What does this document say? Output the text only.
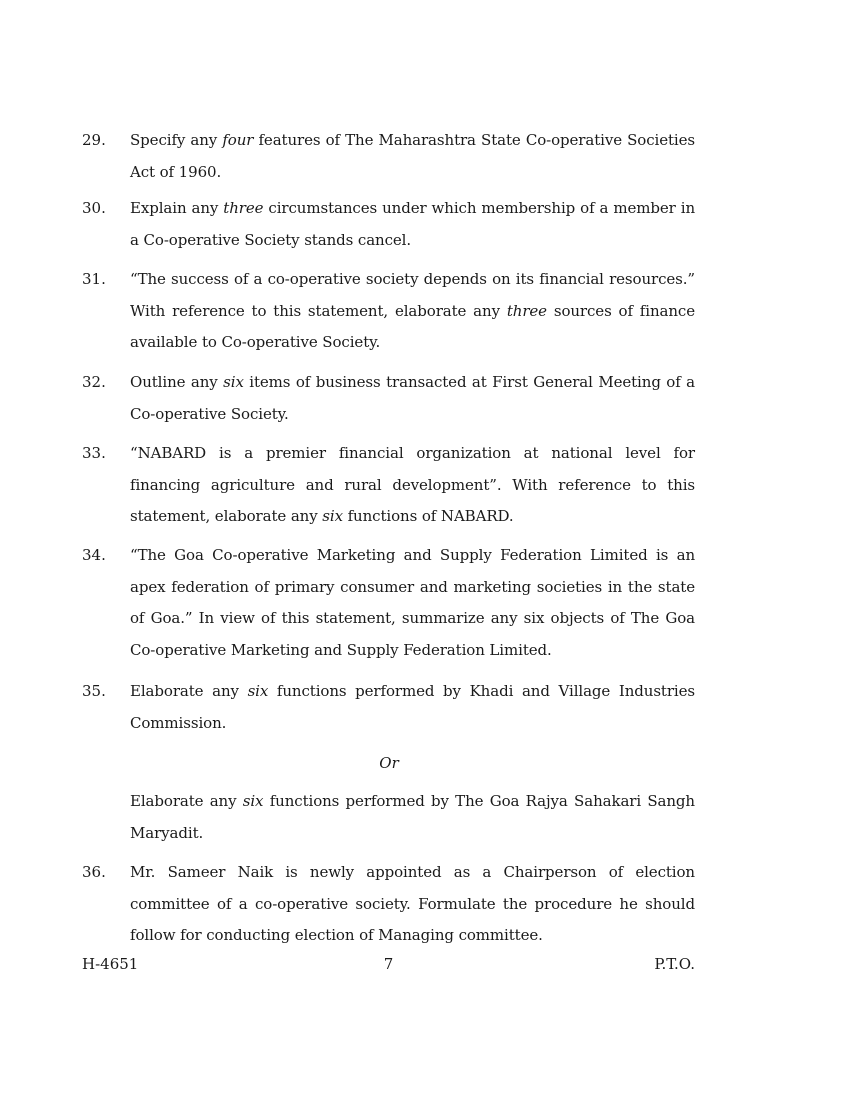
29. Specify any four features of The Maharashtra State Co-operative Societies Act of 1960.
30. Explain any three circumstances under which membership of a member in a Co-operative Society stands cancel.
31. “The success of a co-operative society depends on its financial resources.” With reference to this statement, elaborate any three sources of finance available to Co-operative Society.
32. Outline any six items of business transacted at First General Meeting of a Co-operative Society.
33. “NABARD is a premier financial organization at national level for financing agriculture and rural development”. With reference to this statement, elaborate any six functions of NABARD.
34. “The Goa Co-operative Marketing and Supply Federation Limited is an apex federation of primary consumer and marketing societies in the state of Goa.” In view of this statement, summarize any six objects of The Goa Co-operative Marketing and Supply Federation Limited.
35. Elaborate any six functions performed by Khadi and Village Industries Commission.
Or
Elaborate any six functions performed by The Goa Rajya Sahakari Sangh Maryadit.
36. Mr. Sameer Naik is newly appointed as a Chairperson of election committee of a co-operative society. Formulate the procedure he should follow for conducting election of Managing committee.
H-4651	7	P.T.O.
